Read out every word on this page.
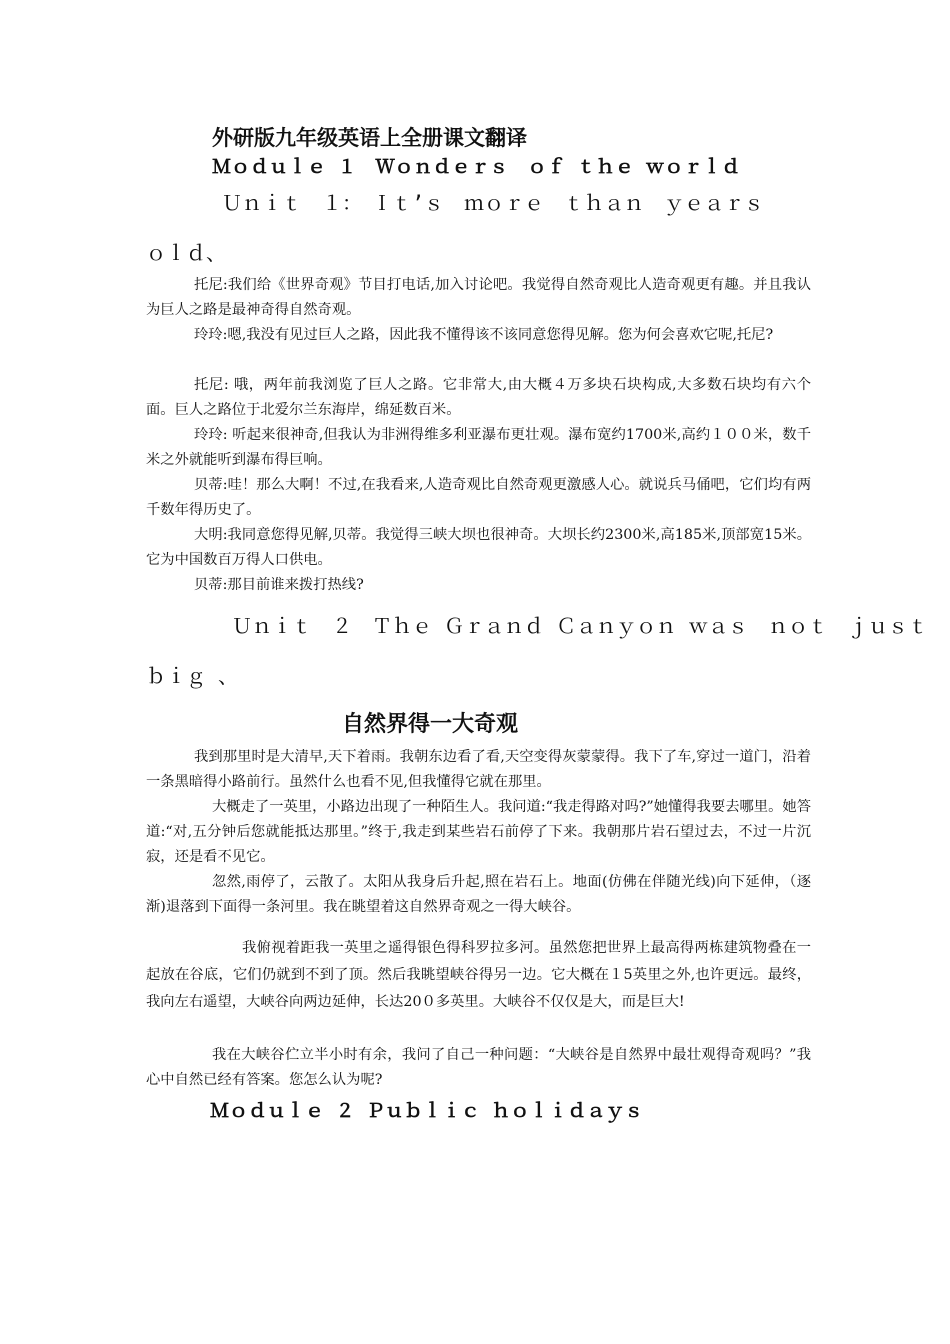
外研版九年级英语上全册课文翻译
Ｍｏｄｕｌｅ １　Ｗｏｎｄｅｒｓ　ｏｆ ｔｈｅ ｗｏｒｌｄ
Ｕｎｉｔ　１：　Ｉｔ’ｓ　ｍｏｒｅ　ｔｈａｎ　ｙｅａｒｓ
ｏｌｄ、
托尼:我们给《世界奇观》节目打电话,加入讨论吧。我觉得自然奇观比人造奇观更有趣。并且我认为巨人之路是最神奇得自然奇观。
玲玲:嗯,我没有见过巨人之路，因此我不懂得该不该同意您得见解。您为何会喜欢它呢,托尼?
托尼: 哦，两年前我浏览了巨人之路。它非常大,由大概４万多块石块构成,大多数石块均有六个面。巨人之路位于北爱尔兰东海岸，绵延数百米。
玲玲: 听起来很神奇,但我认为非洲得维多利亚瀑布更壮观。瀑布宽约1700米,高约１００米，数千米之外就能听到瀑布得巨响。
贝蒂:哇！那么大啊！不过,在我看来,人造奇观比自然奇观更激感人心。就说兵马俑吧，它们均有两千数年得历史了。
大明:我同意您得见解,贝蒂。我觉得三峡大坝也很神奇。大坝长约2300米,高185米,顶部宽15米。它为中国数百万得人口供电。
贝蒂:那目前谁来拨打热线?
Ｕｎｉｔ　２　Ｔｈｅ Ｇｒａｎｄ Ｃａｎｙｏｎ ｗａｓ　ｎｏｔ　ｊｕｓｔ
ｂｉｇ 、
自然界得一大奇观
我到那里时是大清早,天下着雨。我朝东边看了看,天空变得灰蒙蒙得。我下了车,穿过一道门，沿着一条黑暗得小路前行。虽然什么也看不见,但我懂得它就在那里。
大概走了一英里，小路边出现了一种陌生人。我问道:“我走得路对吗?”她懂得我要去哪里。她答道:“对,五分钟后您就能抵达那里。”终于,我走到某些岩石前停了下来。我朝那片岩石望过去，不过一片沉寂，还是看不见它。
忽然,雨停了，云散了。太阳从我身后升起,照在岩石上。地面(仿佛在伴随光线)向下延伸，（逐渐)退落到下面得一条河里。我在眺望着这自然界奇观之一得大峡谷。
我俯视着距我一英里之遥得银色得科罗拉多河。虽然您把世界上最高得两栋建筑物叠在一起放在谷底，它们仍就到不到了顶。然后我眺望峡谷得另一边。它大概在１5英里之外,也许更远。最终，我向左右遥望，大峡谷向两边延伸，长达20０多英里。大峡谷不仅仅是大，而是巨大!
我在大峡谷伫立半小时有余，我问了自己一种问题：“大峡谷是自然界中最壮观得奇观吗？”我心中自然已经有答案。您怎么认为呢?
Ｍｏｄｕｌｅ ２ Ｐｕｂｌｉｃ ｈｏｌｉｄａｙｓ
